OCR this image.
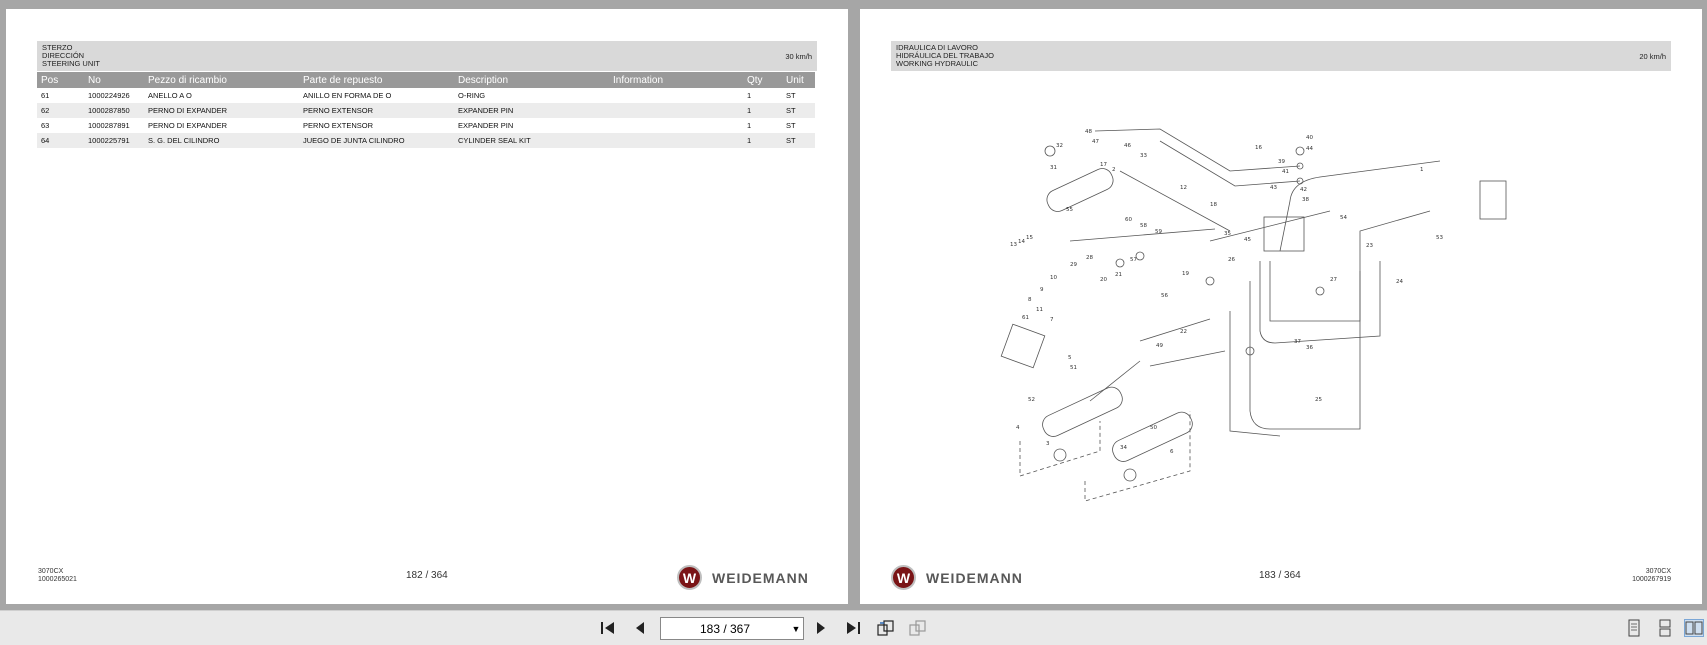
STERZO
DIRECCIÓN
STEERING UNIT
30 km/h
Pos	No	Pezzo di ricambio	Parte de repuesto	Description	Information	Qty	Unit
61	1000224926	ANELLO A O	ANILLO EN FORMA DE O	O-RING		1	ST
62	1000287850	PERNO DI EXPANDER	PERNO EXTENSOR	EXPANDER PIN		1	ST
63	1000287891	PERNO DI EXPANDER	PERNO EXTENSOR	EXPANDER PIN		1	ST
64	1000225791	S. G. DEL CILINDRO	JUEGO DE JUNTA CILINDRO	CYLINDER SEAL KIT		1	ST
3070CX
1000265021	182 / 364	W	WEIDEMANN
IDRAULICA DI LAVORO
HIDRÁULICA DEL TRABAJO
WORKING HYDRAULIC
20 km/h
48
47
46
33
32
31	17
2
16
40
44
39
41
42
43
38
45
18
13 14
15
12
55
59
60
58
57
29
28
10
8
9
11
7
61
19
20
21
22
23
24
25
26
27
34
36
37
49
50
51
52
53
54
56
6
5
4
3
35
1
183 / 364
W	WEIDEMANN	3070CX
1000267919
183 / 367	▼
